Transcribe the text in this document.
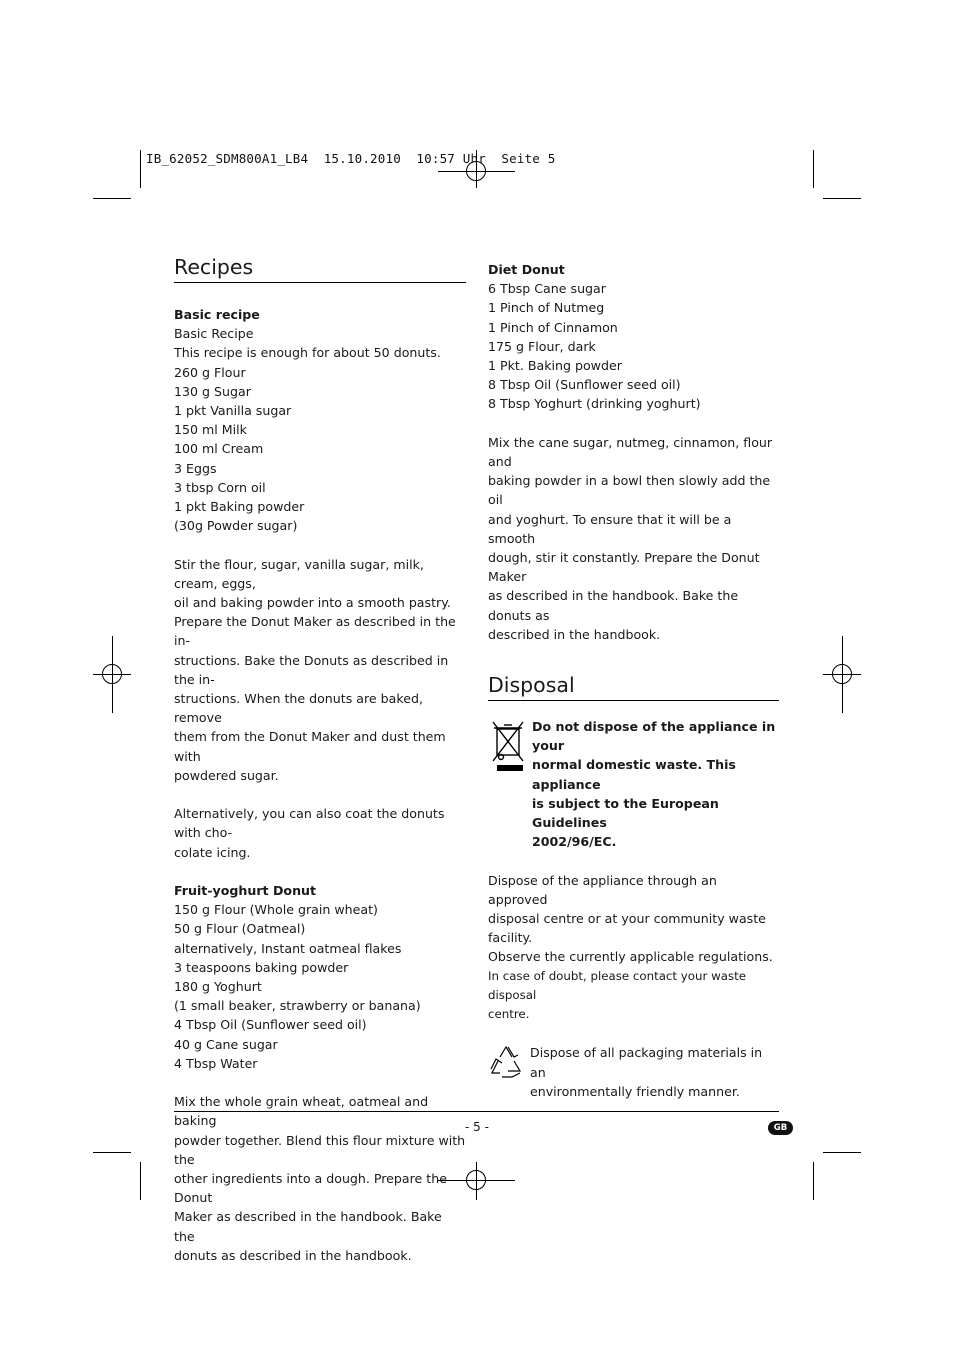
IB_62052_SDM800A1_LB4  15.10.2010  10:57 Uhr  Seite 5
Recipes

Basic recipe

Basic Recipe

This recipe is enough for about 50 donuts.

260 g Flour

130 g Sugar

1 pkt Vanilla sugar

150 ml Milk

100 ml Cream

3 Eggs

3 tbsp Corn oil

1 pkt Baking powder

(30g Powder sugar)

Stir the flour, sugar, vanilla sugar, milk, cream, eggs,

oil and baking powder into a smooth pastry.

Prepare the Donut Maker as described in the in-

structions. Bake the Donuts as described in the in-

structions. When the donuts are baked, remove

them from the Donut Maker and dust them with

powdered sugar.

Alternatively, you can also coat the donuts with cho-

colate icing.

Fruit-yoghurt Donut

150 g Flour (Whole grain wheat)

50 g Flour (Oatmeal)

alternatively, Instant oatmeal flakes

3 teaspoons baking powder

180 g Yoghurt

(1 small beaker, strawberry or banana)

4 Tbsp Oil (Sunflower seed oil)

40 g Cane sugar

4 Tbsp Water

Mix the whole grain wheat, oatmeal and baking

powder together. Blend this flour mixture with the

other ingredients into a dough. Prepare the Donut

Maker as described in the handbook. Bake the

donuts as described in the handbook.

Diet Donut

6 Tbsp Cane sugar

1 Pinch of Nutmeg

1 Pinch of Cinnamon

175 g Flour, dark

1 Pkt. Baking powder

8 Tbsp Oil (Sunflower seed oil)

8 Tbsp Yoghurt (drinking yoghurt)

Mix the cane sugar, nutmeg, cinnamon, flour and

baking powder in a bowl then slowly add the oil

and yoghurt. To ensure that it will be a smooth

dough, stir it constantly. Prepare the Donut Maker

as described in the handbook. Bake the donuts as

described in the handbook.

Disposal

Do not dispose of the appliance in your

normal domestic waste. This appliance

is subject to the European Guidelines

2002/96/EC.

Dispose of the appliance through an approved

disposal centre or at your community waste facility.

Observe the currently applicable regulations.

In case of doubt, please contact your waste disposal

centre.

Dispose of all packaging materials in an

environmentally friendly manner.

- 5 -	GB
